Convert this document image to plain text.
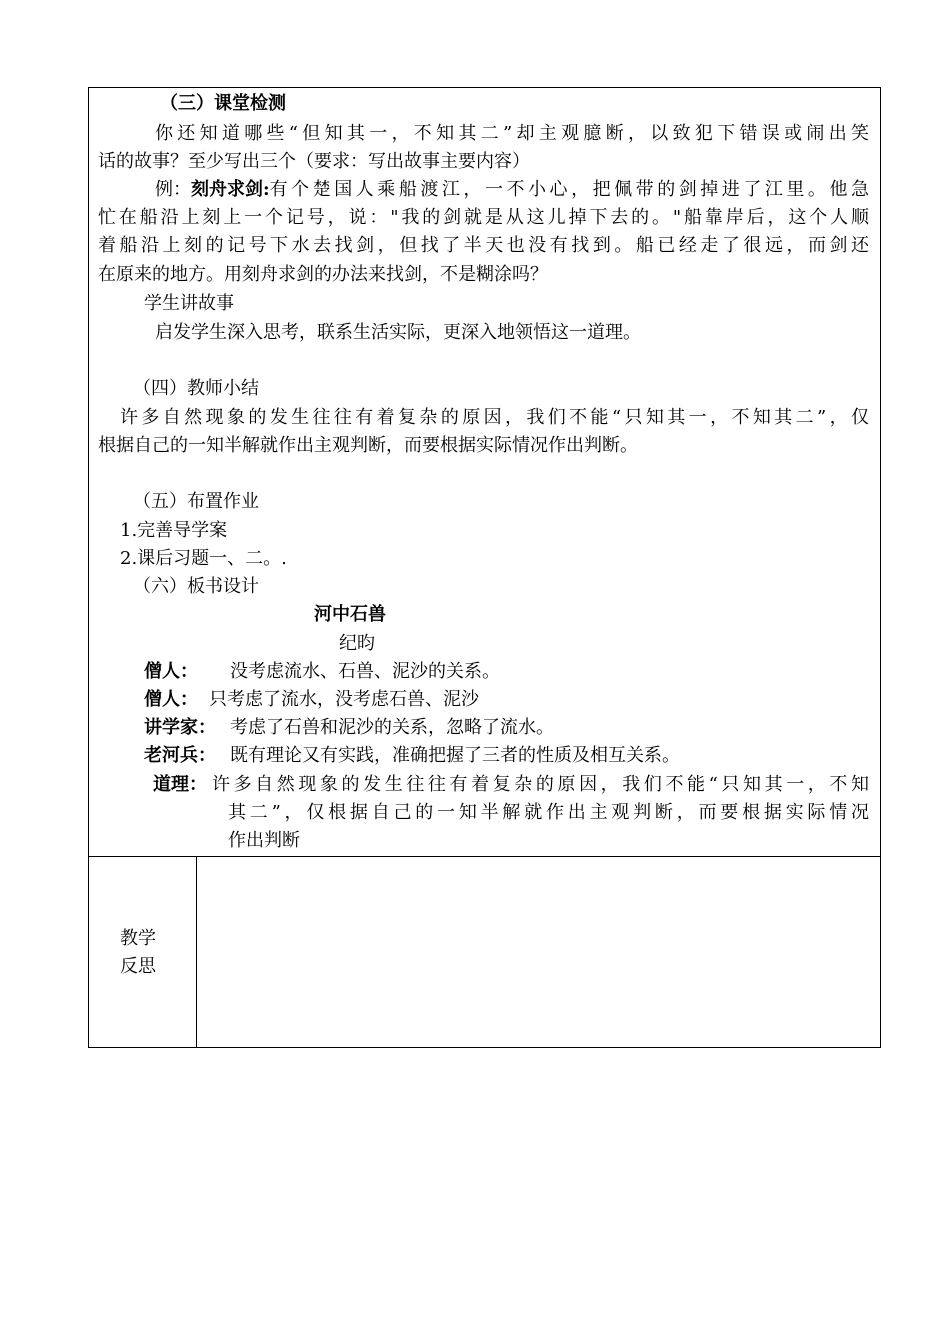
（三）课堂检测
你还知道哪些“但知其一，不知其二”却主观臆断，以致犯下错误或闹出笑
话的故事？至少写出三个（要求：写出故事主要内容）
例：刻舟求剑: 有个楚国人乘船渡江，一不小心，把佩带的剑掉进了江里。他急
忙在船沿上刻上一个记号，说："我的剑就是从这儿掉下去的。"船靠岸后，这个人顺
着船沿上刻的记号下水去找剑，但找了半天也没有找到。船已经走了很远，而剑还
在原来的地方。用刻舟求剑的办法来找剑，不是糊涂吗？
学生讲故事
启发学生深入思考，联系生活实际，更深入地领悟这一道理。
（四）教师小结
许多自然现象的发生往往有着复杂的原因，我们不能“只知其一，不知其二”，仅
根据自己的一知半解就作出主观判断，而要根据实际情况作出判断。
（五）布置作业
1.完善导学案
2.课后习题一、二。.
（六）板书设计
河中石兽
纪昀
僧人： 没考虑流水、石兽、泥沙的关系。
僧人： 只考虑了流水，没考虑石兽、泥沙
讲学家： 考虑了石兽和泥沙的关系，忽略了流水。
老河兵： 既有理论又有实践，准确把握了三者的性质及相互关系。
道理： 许多自然现象的发生往往有着复杂的原因，我们不能“只知其一，不知
其二”，仅根据自己的一知半解就作出主观判断，而要根据实际情况
作出判断
教学
反思
